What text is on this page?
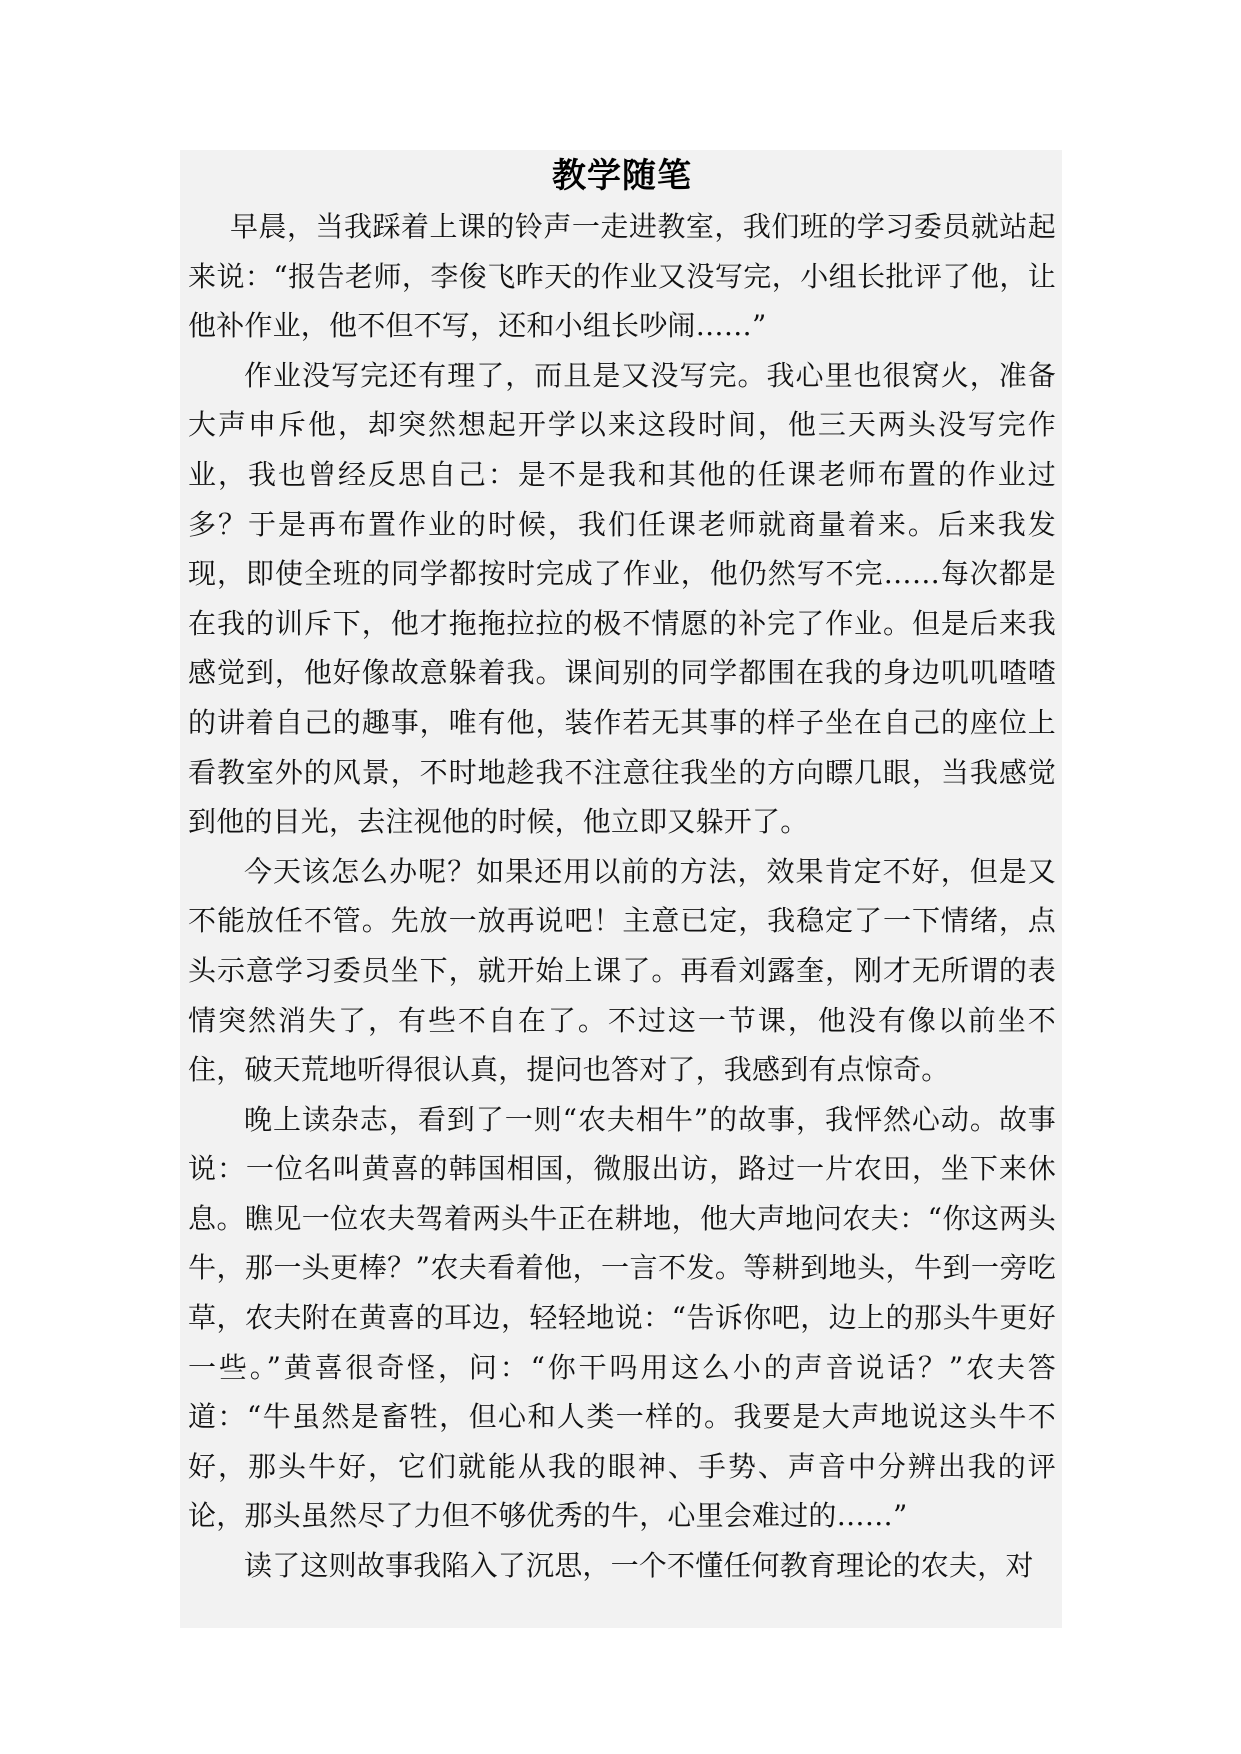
教学随笔

早晨，当我踩着上课的铃声一走进教室，我们班的学习委员就站起来说：“报告老师，李俊飞昨天的作业又没写完，小组长批评了他，让他补作业，他不但不写，还和小组长吵闹……”

作业没写完还有理了，而且是又没写完。我心里也很窝火，准备大声申斥他，却突然想起开学以来这段时间，他三天两头没写完作业，我也曾经反思自己：是不是我和其他的任课老师布置的作业过多？于是再布置作业的时候，我们任课老师就商量着来。后来我发现，即使全班的同学都按时完成了作业，他仍然写不完……每次都是在我的训斥下，他才拖拖拉拉的极不情愿的补完了作业。但是后来我感觉到，他好像故意躲着我。课间别的同学都围在我的身边叽叽喳喳的讲着自己的趣事，唯有他，装作若无其事的样子坐在自己的座位上看教室外的风景，不时地趁我不注意往我坐的方向瞟几眼，当我感觉到他的目光，去注视他的时候，他立即又躲开了。

今天该怎么办呢？如果还用以前的方法，效果肯定不好，但是又不能放任不管。先放一放再说吧！主意已定，我稳定了一下情绪，点头示意学习委员坐下，就开始上课了。再看刘露奎，刚才无所谓的表情突然消失了，有些不自在了。不过这一节课，他没有像以前坐不住，破天荒地听得很认真，提问也答对了，我感到有点惊奇。

晚上读杂志，看到了一则“农夫相牛”的故事，我怦然心动。故事说：一位名叫黄喜的韩国相国，微服出访，路过一片农田，坐下来休息。瞧见一位农夫驾着两头牛正在耕地，他大声地问农夫：“你这两头牛，那一头更棒？”农夫看着他，一言不发。等耕到地头，牛到一旁吃草，农夫附在黄喜的耳边，轻轻地说：“告诉你吧，边上的那头牛更好一些。”黄喜很奇怪，问：“你干吗用这么小的声音说话？”农夫答道：“牛虽然是畜牲，但心和人类一样的。我要是大声地说这头牛不好，那头牛好，它们就能从我的眼神、手势、声音中分辨出我的评论，那头虽然尽了力但不够优秀的牛，心里会难过的……”

读了这则故事我陷入了沉思，一个不懂任何教育理论的农夫，对
